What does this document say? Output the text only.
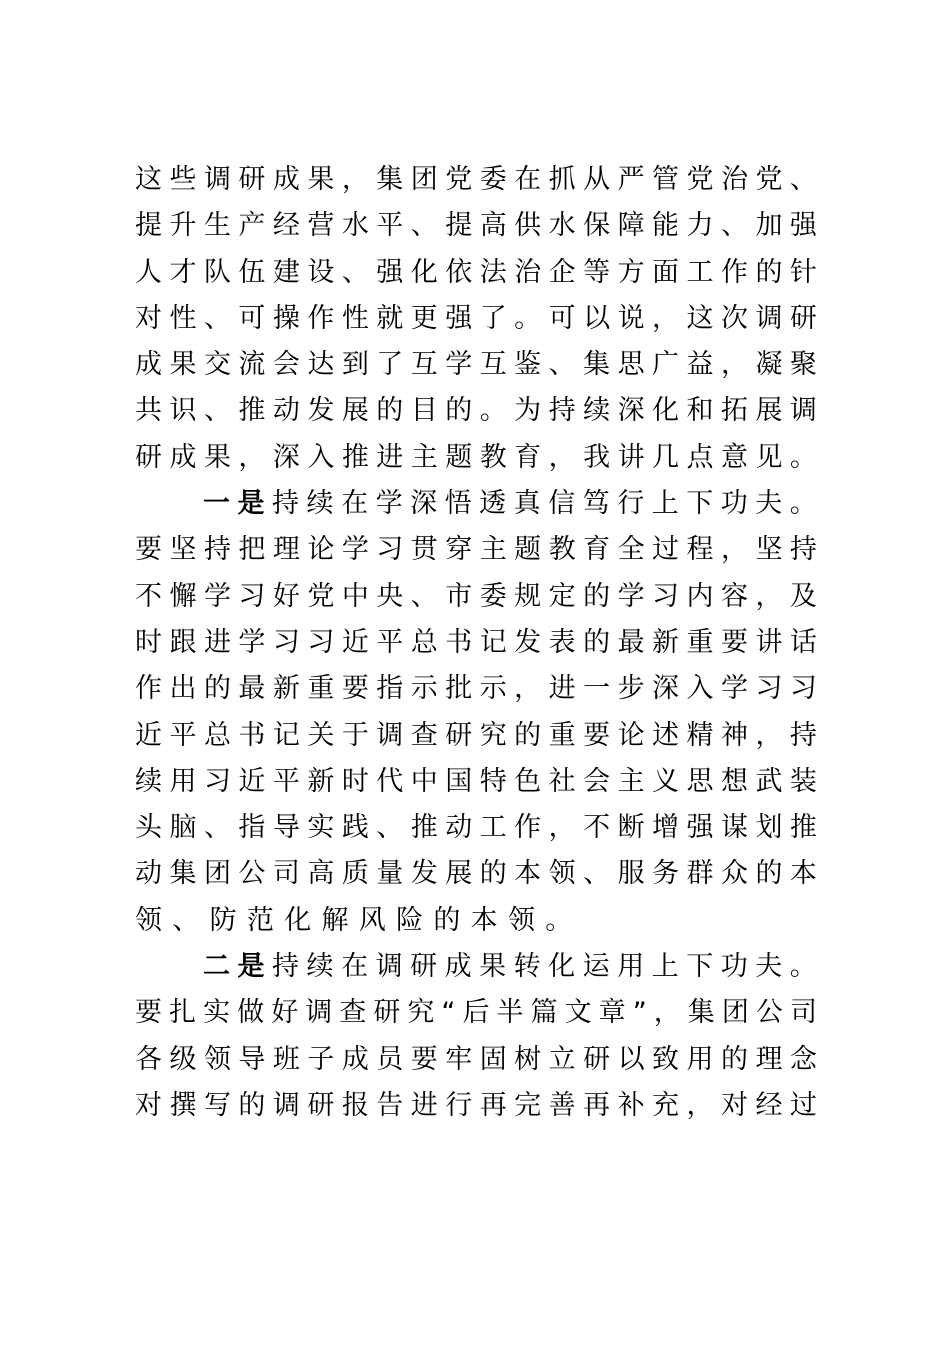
这 些 调 研 成 果 ， 集 团 党 委 在 抓 从 严 管 党 治 党 、
提 升 生 产 经 营 水 平 、 提 高 供 水 保 障 能 力 、 加 强
人 才 队 伍 建 设 、 强 化 依 法 治 企 等 方 面 工 作 的 针
对 性 、 可 操 作 性 就 更 强 了 。 可 以 说 ， 这 次 调 研
成 果 交 流 会 达 到 了 互 学 互 鉴 、 集 思 广 益 ， 凝 聚
共 识 、 推 动 发 展 的 目 的 。 为 持 续 深 化 和 拓 展 调
研 成 果 ， 深 入 推 进 主 题 教 育 ， 我 讲 几 点 意 见 。
一 是 持 续 在 学 深 悟 透 真 信 笃 行 上 下 功 夫 。
要 坚 持 把 理 论 学 习 贯 穿 主 题 教 育 全 过 程 ， 坚 持
不 懈 学 习 好 党 中 央 、 市 委 规 定 的 学 习 内 容 ， 及
时 跟 进 学 习 习 近 平 总 书 记 发 表 的 最 新 重 要 讲 话
作 出 的 最 新 重 要 指 示 批 示 ， 进 一 步 深 入 学 习 习
近 平 总 书 记 关 于 调 查 研 究 的 重 要 论 述 精 神 ， 持
续 用 习 近 平 新 时 代 中 国 特 色 社 会 主 义 思 想 武 装
头 脑 、 指 导 实 践 、 推 动 工 作 ， 不 断 增 强 谋 划 推
动 集 团 公 司 高 质 量 发 展 的 本 领 、 服 务 群 众 的 本
领 、 防 范 化 解 风 险 的 本 领 。
二 是 持 续 在 调 研 成 果 转 化 运 用 上 下 功 夫 。
要 扎 实 做 好 调 查 研 究 “ 后 半 篇 文 章 ” ， 集 团 公 司
各 级 领 导 班 子 成 员 要 牢 固 树 立 研 以 致 用 的 理 念
对 撰 写 的 调 研 报 告 进 行 再 完 善 再 补 充 ， 对 经 过
